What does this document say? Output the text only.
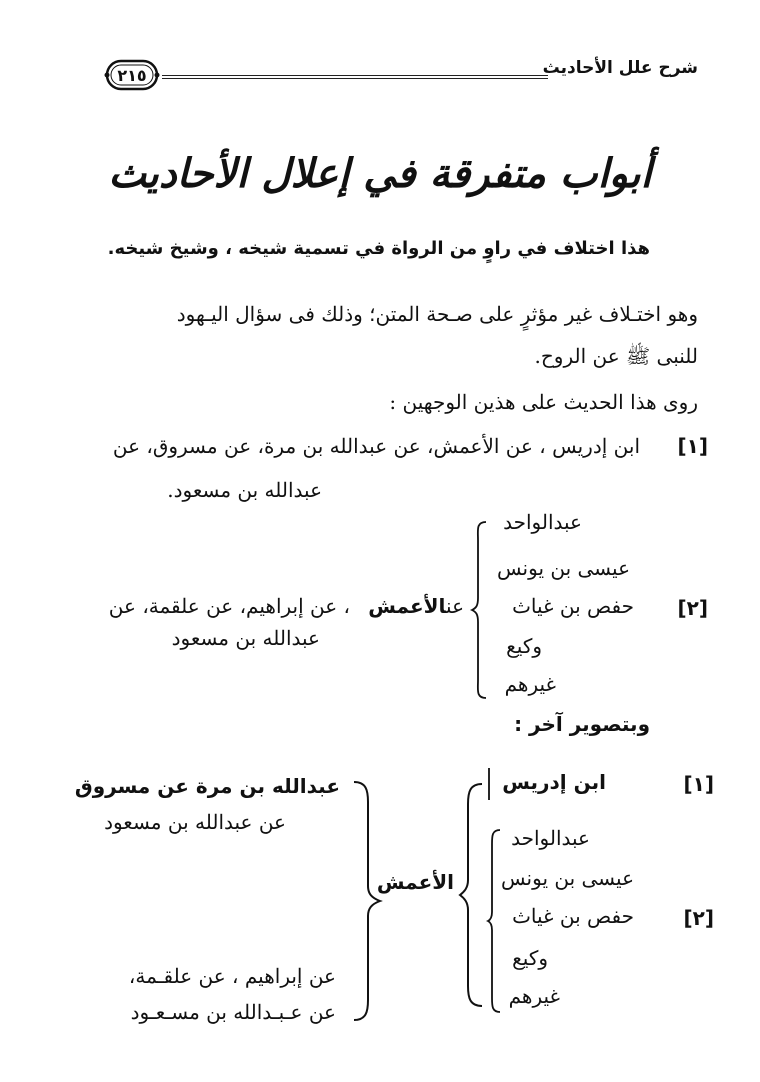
شرح علل الأحاديث
٢١٥
أبواب متفرقة في إعلال الأحاديث
هذا اختلاف في راوٍ من الرواة في تسمية شيخه ، وشيخ شيخه.
وهو اختـلاف غير مؤثرٍ على صـحة المتن؛ وذلك فى سؤال اليـهود
للنبى ﷺ عن الروح.
روى هذا الحديث على هذين الوجهين :
[١]
ابن إدريس ، عن الأعمش، عن عبدالله بن مرة، عن مسروق، عن
عبدالله بن مسعود.
[٢]
عبدالواحد
عيسى بن يونس
حفص بن غياث
وكيع
غيرهم
عنالأعمش
، عن إبراهيم، عن علقمة، عن
عبدالله بن مسعود
وبتصوير آخر :
[١]
[٢]
ابن إدريس
عبدالواحد
عيسى بن يونس
حفص بن غياث
وكيع
غيرهم
الأعمش
عبدالله بن مرة عن مسروق
عن عبدالله بن مسعود
عن إبراهيم ، عن علقـمة،
عن عـبـدالله بن مسـعـود
